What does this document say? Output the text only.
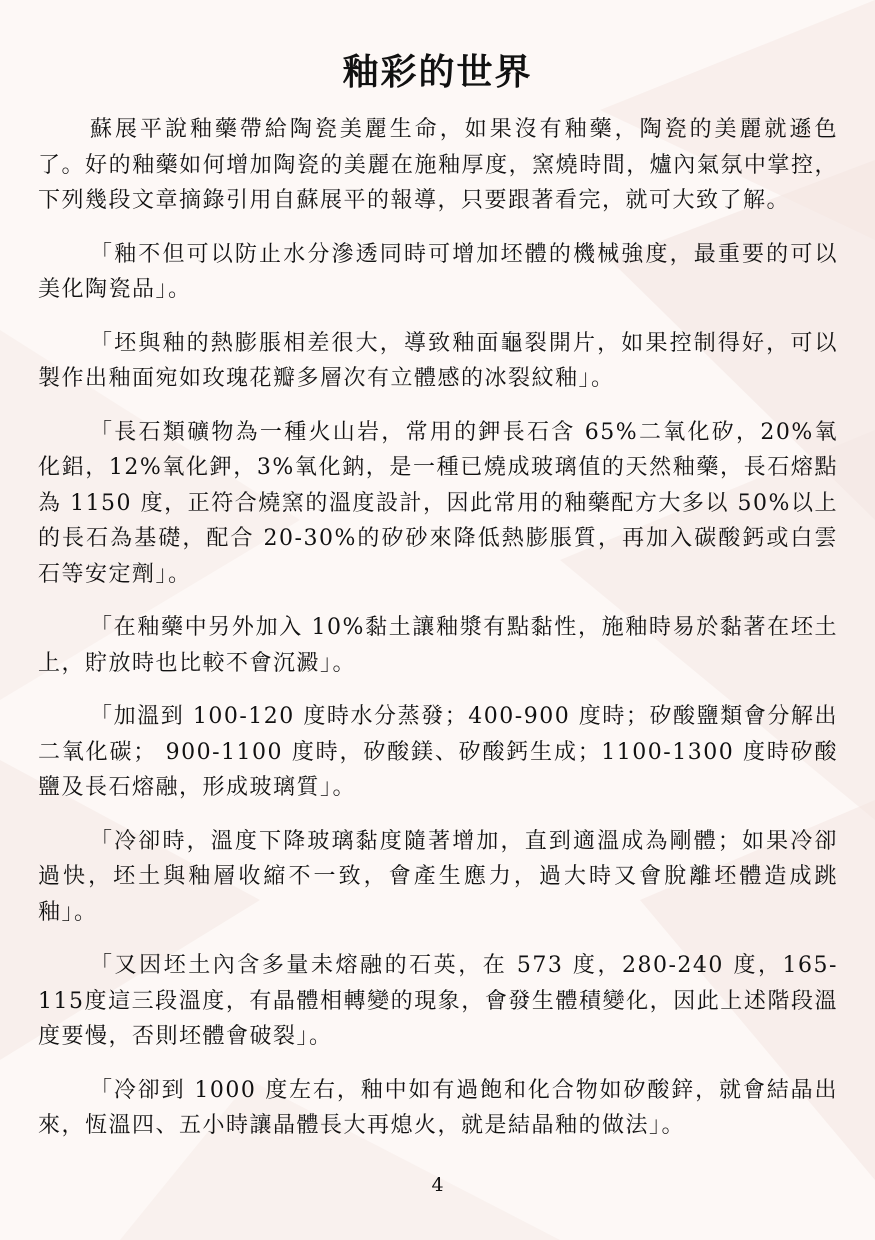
釉彩的世界

蘇展平說釉藥帶給陶瓷美麗生命，如果沒有釉藥，陶瓷的美麗就遜色了。好的釉藥如何增加陶瓷的美麗在施釉厚度，窯燒時間，爐內氣氛中掌控，下列幾段文章摘錄引用自蘇展平的報導，只要跟著看完，就可大致了解。

「釉不但可以防止水分滲透同時可增加坯體的機械強度，最重要的可以美化陶瓷品」。

「坯與釉的熱膨脹相差很大，導致釉面龜裂開片，如果控制得好，可以製作出釉面宛如玫瑰花瓣多層次有立體感的冰裂紋釉」。

「長石類礦物為一種火山岩，常用的鉀長石含 65%二氧化矽，20%氧化鋁，12%氧化鉀，3%氧化鈉，是一種已燒成玻璃值的天然釉藥，長石熔點為 1150 度，正符合燒窯的溫度設計，因此常用的釉藥配方大多以 50%以上的長石為基礎，配合 20-30%的矽砂來降低熱膨脹質，再加入碳酸鈣或白雲石等安定劑」。

「在釉藥中另外加入 10%黏土讓釉漿有點黏性，施釉時易於黏著在坯土上，貯放時也比較不會沉澱」。

「加溫到 100-120 度時水分蒸發；400-900 度時；矽酸鹽類會分解出二氧化碳； 900-1100 度時，矽酸鎂、矽酸鈣生成；1100-1300 度時矽酸鹽及長石熔融，形成玻璃質」。

「冷卻時，溫度下降玻璃黏度隨著增加，直到適溫成為剛體；如果冷卻過快，坯土與釉層收縮不一致，會產生應力，過大時又會脫離坯體造成跳釉」。

「又因坯土內含多量未熔融的石英，在 573 度，280-240 度，165-115度這三段溫度，有晶體相轉變的現象，會發生體積變化，因此上述階段溫度要慢，否則坯體會破裂」。

「冷卻到 1000 度左右，釉中如有過飽和化合物如矽酸鋅，就會結晶出來，恆溫四、五小時讓晶體長大再熄火，就是結晶釉的做法」。

4
